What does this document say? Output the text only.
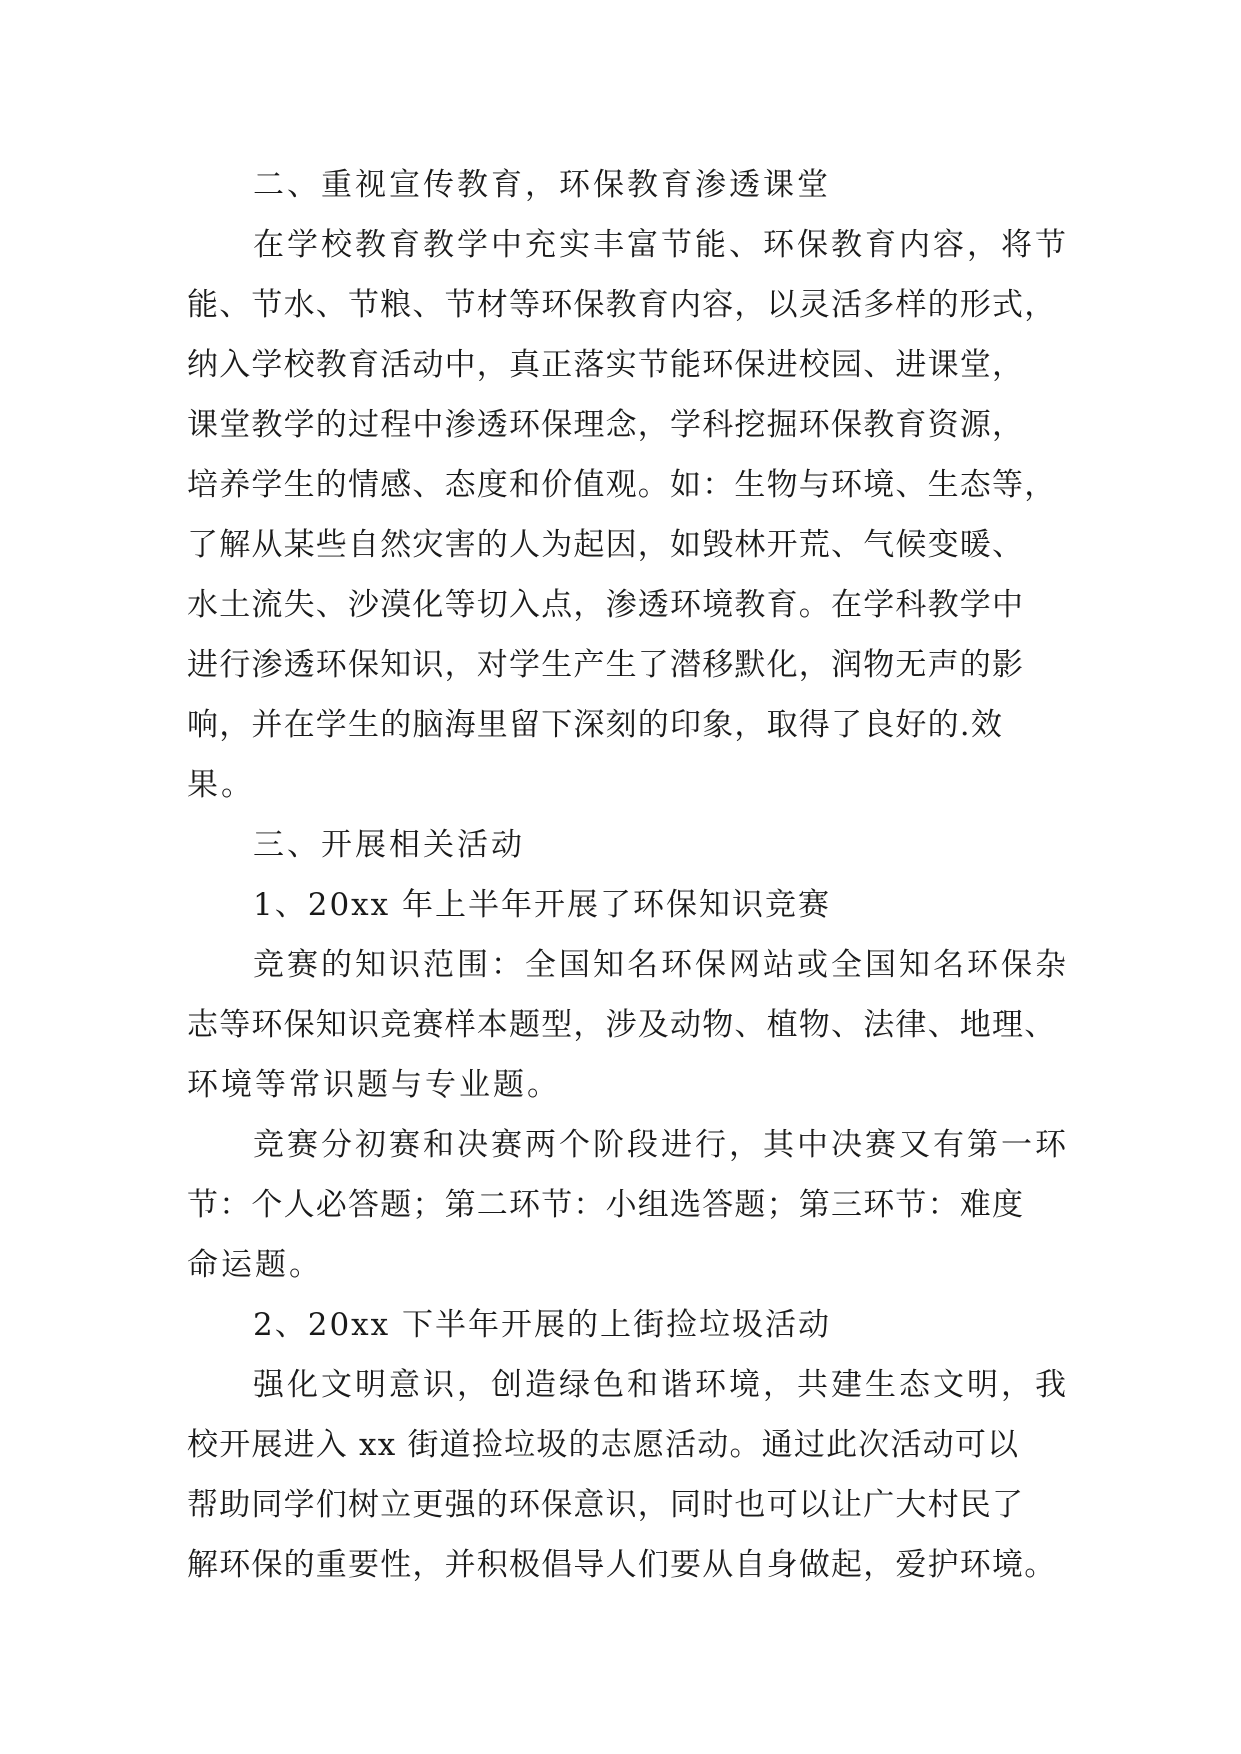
二、重视宣传教育，环保教育渗透课堂
在学校教育教学中充实丰富节能、环保教育内容，将节
能、节水、节粮、节材等环保教育内容，以灵活多样的形式，
纳入学校教育活动中，真正落实节能环保进校园、进课堂，
课堂教学的过程中渗透环保理念，学科挖掘环保教育资源，
培养学生的情感、态度和价值观。如：生物与环境、生态等，
了解从某些自然灾害的人为起因，如毁林开荒、气候变暖、
水土流失、沙漠化等切入点，渗透环境教育。在学科教学中
进行渗透环保知识，对学生产生了潜移默化，润物无声的影
响，并在学生的脑海里留下深刻的印象，取得了良好的.效
果。
三、开展相关活动
1、20xx 年上半年开展了环保知识竞赛
竞赛的知识范围：全国知名环保网站或全国知名环保杂
志等环保知识竞赛样本题型，涉及动物、植物、法律、地理、
环境等常识题与专业题。
竞赛分初赛和决赛两个阶段进行，其中决赛又有第一环
节：个人必答题；第二环节：小组选答题；第三环节：难度
命运题。
2、20xx 下半年开展的上街捡垃圾活动
强化文明意识，创造绿色和谐环境，共建生态文明，我
校开展进入 xx 街道捡垃圾的志愿活动。通过此次活动可以
帮助同学们树立更强的环保意识，同时也可以让广大村民了
解环保的重要性，并积极倡导人们要从自身做起，爱护环境。
